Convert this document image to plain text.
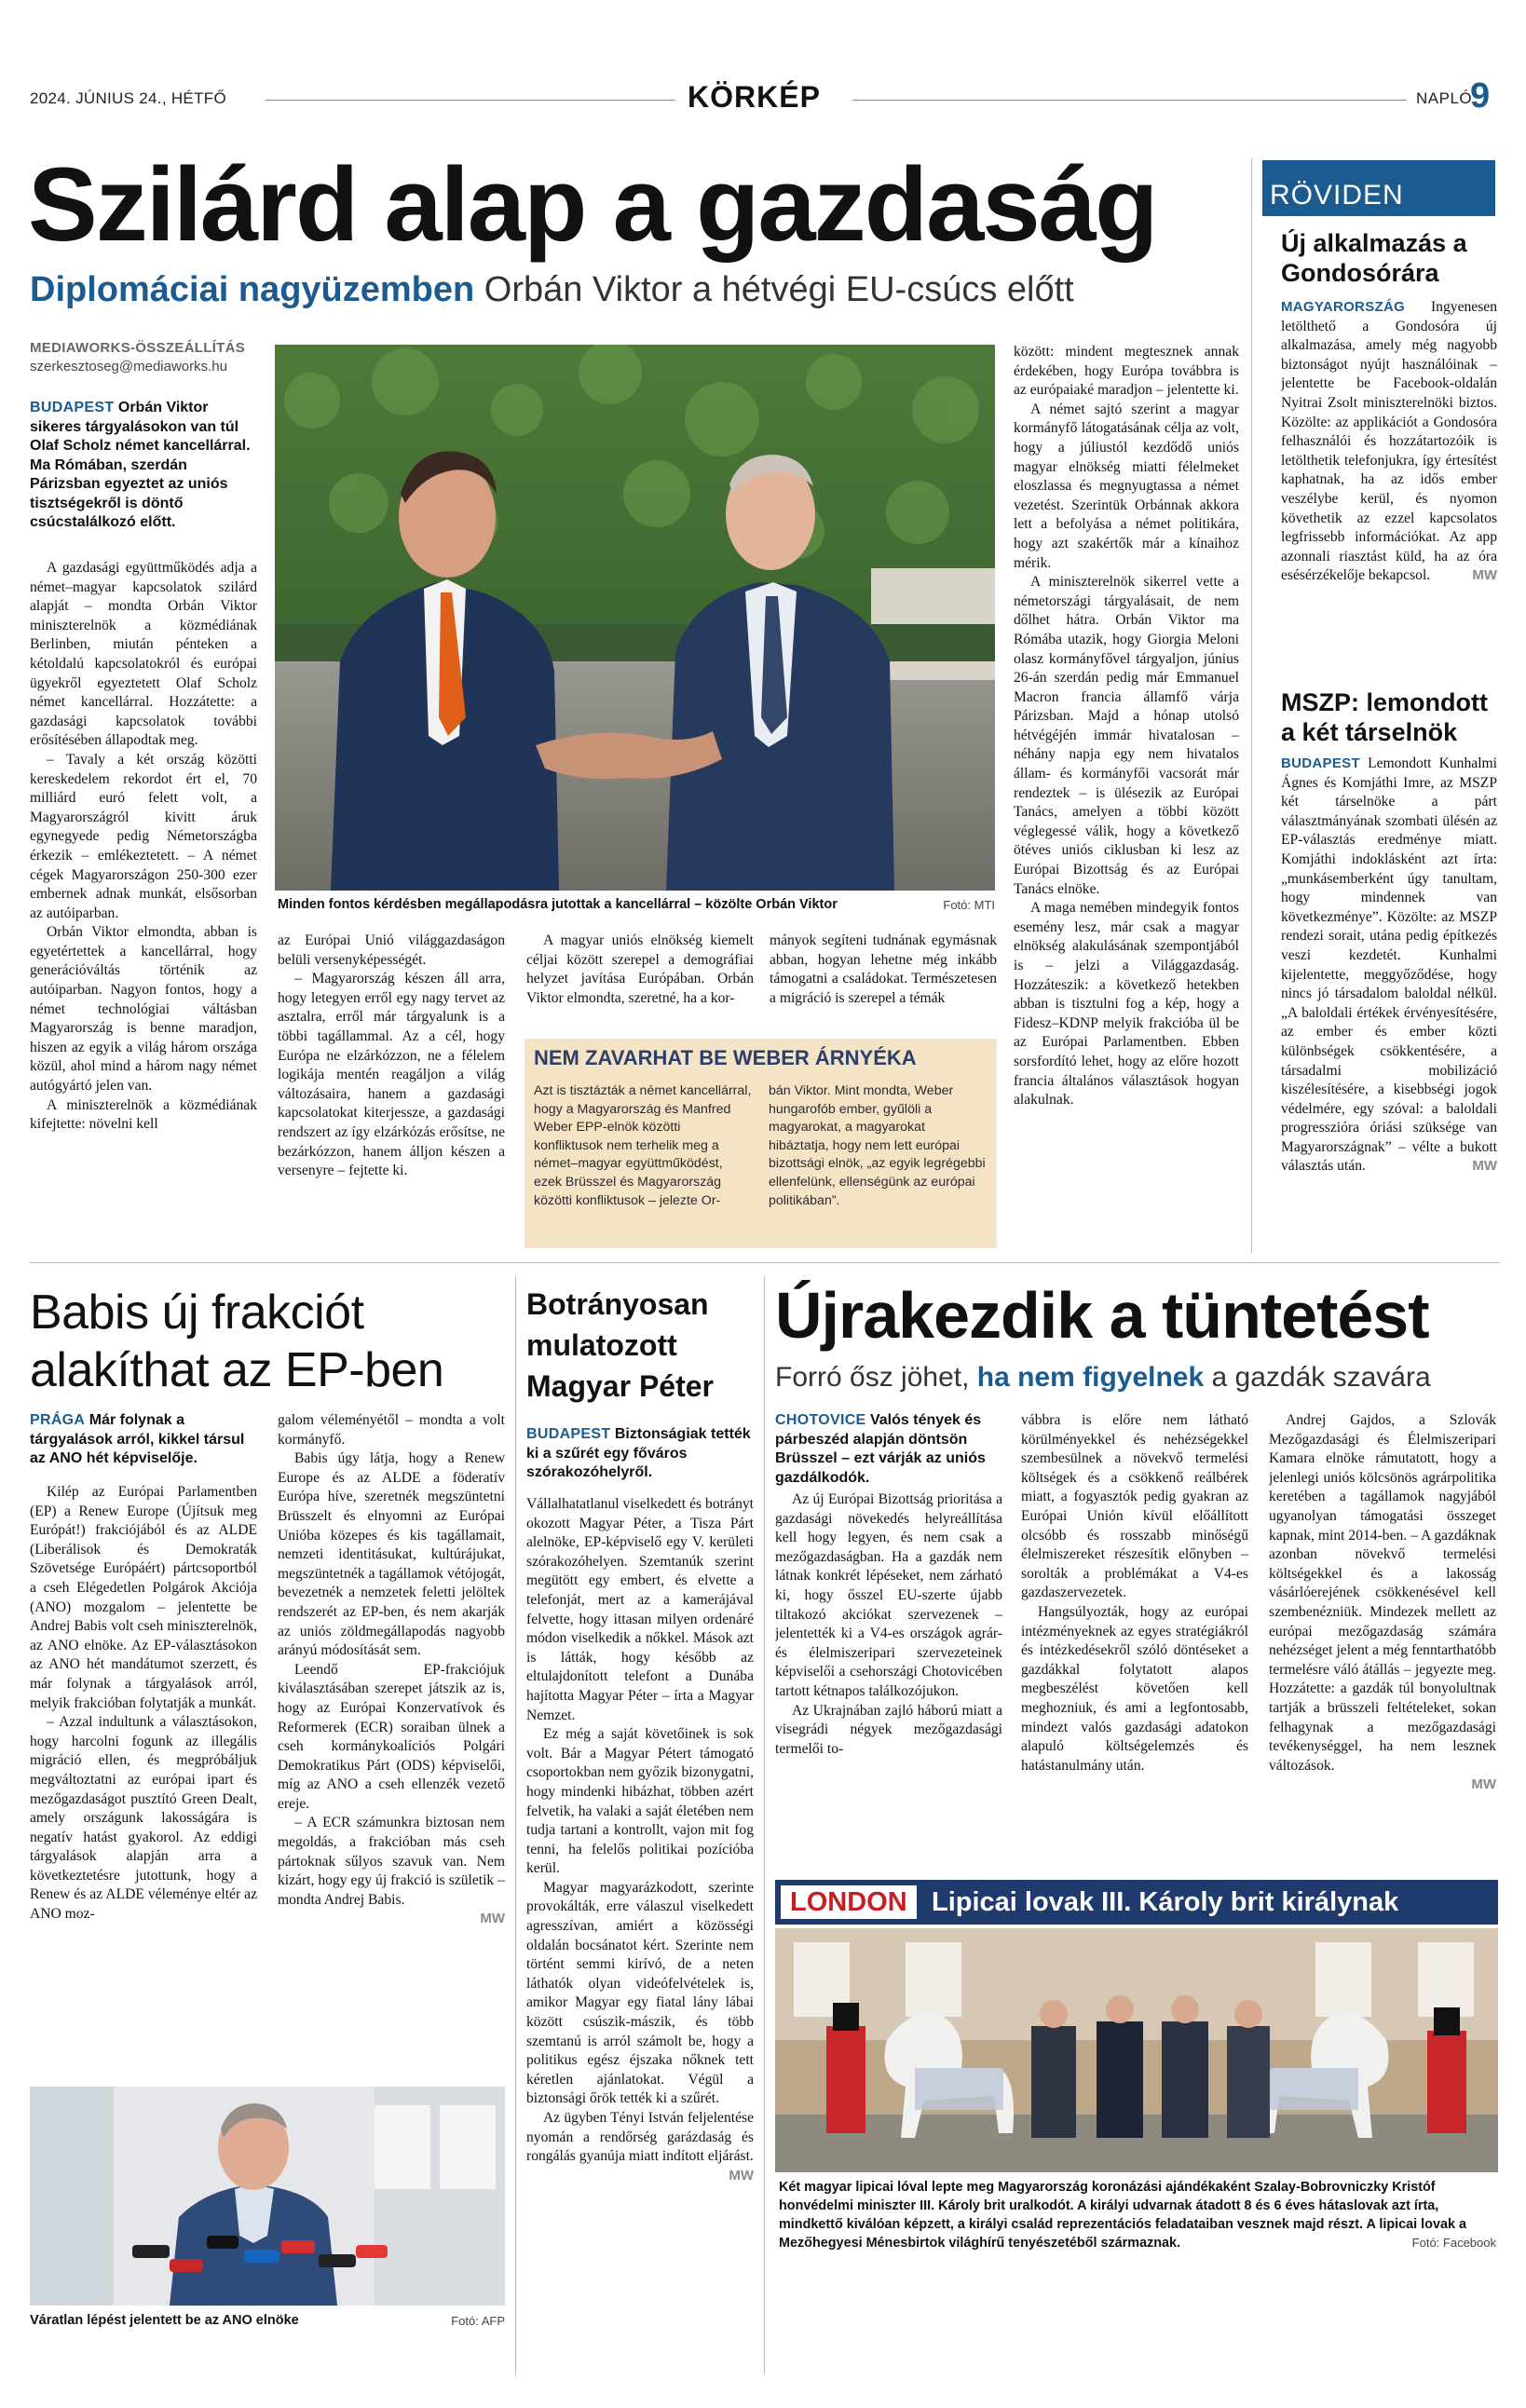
2024. JÚNIUS 24., HÉTFŐ	KÖRKÉP	NAPLÓ
9
Szilárd alap a gazdaság
Diplomáciai nagyüzemben Orbán Viktor a hétvégi EU-csúcs előtt
MEDIAWORKS-ÖSSZEÁLLÍTÁS
szerkesztoseg@mediaworks.hu
BUDAPEST Orbán Viktor sikeres tárgyalásokon van túl Olaf Scholz német kancellárral. Ma Rómában, szerdán Párizsban egyeztet az uniós tisztségekről is döntő csúcstalálkozó előtt.

A gazdasági együttműködés adja a német–magyar kapcsolatok szilárd alapját – mondta Orbán Viktor miniszterelnök a közmédiának Berlinben, miután pénteken a kétoldalú kapcsolatokról és európai ügyekről egyeztetett Olaf Scholz német kancellárral. Hozzátette: a gazdasági kapcsolatok további erősítésében állapodtak meg.

– Tavaly a két ország közötti kereskedelem rekordot ért el, 70 milliárd euró felett volt, a Magyarországról kivitt áruk egynegyede pedig Németországba érkezik – emlékeztetett. – A német cégek Magyarországon 250-300 ezer embernek adnak munkát, elsősorban az autóiparban.

Orbán Viktor elmondta, abban is egyetértettek a kancellárral, hogy generációváltás történik az autóiparban. Nagyon fontos, hogy a német technológiai váltásban Magyarország is benne maradjon, hiszen az egyik a világ három országa közül, ahol mind a három nagy német autógyártó jelen van.

A miniszterelnök a közmédiának kifejtette: növelni kell

Minden fontos kérdésben megállapodásra jutottak a kancellárral – közölte Orbán Viktor	Fotó: MTI

az Európai Unió világgazdaságon belüli versenyképességét.

– Magyarország készen áll arra, hogy letegyen erről egy nagy tervet az asztalra, erről már tárgyalunk is a többi tagállammal. Az a cél, hogy Európa ne elzárkózzon, ne a félelem logikája mentén reagáljon a világ változásaira, hanem a gazdasági kapcsolatokat kiterjessze, a gazdasági rendszert az így elzárkózás erősítse, ne bezárkózzon, hanem álljon készen a versenyre – fejtette ki.

A magyar uniós elnökség kiemelt céljai között szerepel a demográfiai helyzet javítása Európában. Orbán Viktor elmondta, szeretné, ha a kor-

mányok segíteni tudnának egymásnak abban, hogyan lehetne még inkább támogatni a családokat. Természetesen a migráció is szerepel a témák

NEM ZAVARHAT BE WEBER ÁRNYÉKA
Azt is tisztázták a német kancellárral, hogy a Magyarország és Manfred Weber EPP-elnök közötti konfliktusok nem terhelik meg a német–magyar együttműködést, ezek Brüsszel és Magyarország közötti konfliktusok – jelezte Or-
bán Viktor. Mint mondta, Weber hungarofób ember, gyűlöli a magyarokat, a magyarokat hibáztatja, hogy nem lett európai bizottsági elnök, „az egyik legrégebbi ellenfelünk, ellenségünk az európai politikában”.

között: mindent megtesznek annak érdekében, hogy Európa továbbra is az európaiaké maradjon – jelentette ki.

A német sajtó szerint a magyar kormányfő látogatásának célja az volt, hogy a júliustól kezdődő uniós magyar elnökség miatti félelmeket eloszlassa és megnyugtassa a német vezetést. Szerintük Orbánnak akkora lett a befolyása a német politikára, hogy azt szakértők már a kínaihoz mérik.

A miniszterelnök sikerrel vette a németországi tárgyalásait, de nem dőlhet hátra. Orbán Viktor ma Rómába utazik, hogy Giorgia Meloni olasz kormányfővel tárgyaljon, június 26-án szerdán pedig már Emmanuel Macron francia államfő várja Párizsban. Majd a hónap utolsó hétvégéjén immár hivatalosan – néhány napja egy nem hivatalos állam- és kormányfői vacsorát már rendeztek – is ülésezik az Európai Tanács, amelyen a többi között véglegessé válik, hogy a következő ötéves uniós ciklusban ki lesz az Európai Bizottság és az Európai Tanács elnöke.

A maga nemében mindegyik fontos esemény lesz, már csak a magyar elnökség alakulásának szempontjából is – jelzi a Világgazdaság. Hozzáteszik: a következő hetekben abban is tisztulni fog a kép, hogy a Fidesz–KDNP melyik frakcióba ül be az Európai Parlamentben. Ebben sorsfordító lehet, hogy az előre hozott francia általános választások hogyan alakulnak.

RÖVIDEN
Új alkalmazás a Gondosórára

MAGYARORSZÁG Ingyenesen letölthető a Gondosóra új alkalmazása, amely még nagyobb biztonságot nyújt használóinak – jelentette be Facebook-oldalán Nyitrai Zsolt miniszterelnöki biztos. Közölte: az applikációt a Gondosóra felhasználói és hozzátartozóik is letölthetik telefonjukra, így értesítést kaphatnak, ha az idős ember veszélybe kerül, és nyomon követhetik az ezzel kapcsolatos legfrissebb információkat. Az app azonnali riasztást küld, ha az óra esésérzékelője bekapcsol.	MW

MSZP: lemondott a két társelnök

BUDAPEST Lemondott Kunhalmi Ágnes és Komjáthi Imre, az MSZP két társelnöke a párt választmányának szombati ülésén az EP-választás eredménye miatt. Komjáthi indoklásként azt írta: „munkásemberként úgy tanultam, hogy mindennek van következménye”. Közölte: az MSZP rendezi sorait, utána pedig építkezés veszi kezdetét. Kunhalmi kijelentette, meggyőződése, hogy nincs jó társadalom baloldal nélkül. „A baloldali értékek érvényesítésére, az ember és ember közti különbségek csökkentésére, a társadalmi mobilizáció kiszélesítésére, a kisebbségi jogok védelmére, egy szóval: a baloldali progresszióra óriási szüksége van Magyarországnak” – vélte a bukott választás után.	MW

Babis új frakciót alakíthat az EP-ben
PRÁGA Már folynak a tárgyalások arról, kikkel társul az ANO hét képviselője.

Kilép az Európai Parlamentben (EP) a Renew Europe (Újítsuk meg Európát!) frakciójából és az ALDE (Liberálisok és Demokraták Szövetsége Európáért) pártcsoportból a cseh Elégedetlen Polgárok Akciója (ANO) mozgalom – jelentette be Andrej Babis volt cseh miniszterelnök, az ANO elnöke. Az EP-választásokon az ANO hét mandátumot szerzett, és már folynak a tárgyalások arról, melyik frakcióban folytatják a munkát.

– Azzal indultunk a választásokon, hogy harcolni fogunk az illegális migráció ellen, és megpróbáljuk megváltoztatni az európai ipart és mezőgazdaságot pusztító Green Dealt, amely országunk lakosságára is negatív hatást gyakorol. Az eddigi tárgyalások alapján arra a következtetésre jutottunk, hogy a Renew és az ALDE véleménye eltér az ANO moz-

galom véleményétől – mondta a volt kormányfő.

Babis úgy látja, hogy a Renew Europe és az ALDE a föderatív Európa híve, szeretnék megszüntetni Brüsszelt és elnyomni az Európai Unióba közepes és kis tagállamait, nemzeti identitásukat, kultúrájukat, megszüntetnék a tagállamok vétójogát, bevezetnék a nemzetek feletti jelöltek rendszerét az EP-ben, és nem akarják az uniós zöldmegállapodás nagyobb arányú módosítását sem.

Leendő EP-frakciójuk kiválasztásában szerepet játszik az is, hogy az Európai Konzervatívok és Reformerek (ECR) soraiban ülnek a cseh kormánykoalíciós Polgári Demokratikus Párt (ODS) képviselői, míg az ANO a cseh ellenzék vezető ereje.

– A ECR számunkra biztosan nem megoldás, a frakcióban más cseh pártoknak sűlyos szavuk van. Nem kizárt, hogy egy új frakció is születik – mondta Andrej Babis.

MW
Váratlan lépést jelentett be az ANO elnöke	Fotó: AFP
Botrányosan mulatozott Magyar Péter
BUDAPEST Biztonságiak tették ki a szűrét egy főváros szórakozóhelyről.

Vállalhatatlanul viselkedett és botrányt okozott Magyar Péter, a Tisza Párt alelnöke, EP-képviselő egy V. kerületi szórakozóhelyen. Szemtanúk szerint megütött egy embert, és elvette a telefonját, mert az a kamerájával felvette, hogy ittasan milyen ordenáré módon viselkedik a nőkkel. Mások azt is látták, hogy később az eltulajdonított telefont a Dunába hajította Magyar Péter – írta a Magyar Nemzet.

Ez még a saját követőinek is sok volt. Bár a Magyar Pétert támogató csoportokban nem győzik bizonygatni, hogy mindenki hibázhat, többen azért felvetik, ha valaki a saját életében nem tudja tartani a kontrollt, vajon mit fog tenni, ha felelős politikai pozícióba kerül.

Magyar magyarázkodott, szerinte provokálták, erre válaszul viselkedett agresszívan, amiért a közösségi oldalán bocsánatot kért. Szerinte nem történt semmi kirívó, de a neten láthatók olyan videófelvételek is, amikor Magyar egy fiatal lány lábai között csúszik-mászik, és több szemtanú is arról számolt be, hogy a politikus egész éjszaka nőknek tett kéretlen ajánlatokat. Végül a biztonsági őrök tették ki a szűrét.

Az ügyben Tényi István feljelentése nyomán a rendőrség garázdaság és rongálás gyanúja miatt indított eljárást.

MW
Újrakezdik a tüntetést
Forró ősz jöhet, ha nem figyelnek a gazdák szavára
CHOTOVICE Valós tények és párbeszéd alapján döntsön Brüsszel – ezt várják az uniós gazdálkodók.

Az új Európai Bizottság prioritása a gazdasági növekedés helyreállítása kell hogy legyen, és nem csak a mezőgazdaságban. Ha a gazdák nem látnak konkrét lépéseket, nem zárható ki, hogy ősszel EU-szerte újabb tiltakozó akciókat szervezenek – jelentették ki a V4-es országok agrár- és élelmiszeripari szervezeteinek képviselői a csehországi Chotovicében tartott kétnapos találkozójukon.

Az Ukrajnában zajló háború miatt a visegrádi négyek mezőgazdasági termelői to-

vábbra is előre nem látható körülményekkel és nehézségekkel szembesülnek a növekvő termelési költségek és a csökkenő reálbérek miatt, a fogyasztók pedig gyakran az Európai Unión kívül előállított olcsóbb és rosszabb minőségű élelmiszereket részesítik előnyben – sorolták a problémákat a V4-es gazdaszervezetek.

Hangsúlyozták, hogy az európai intézményeknek az egyes stratégiákról és intézkedésekről szóló döntéseket a gazdákkal folytatott alapos megbeszélést követően kell meghozniuk, és ami a legfontosabb, mindezt valós gazdasági adatokon alapuló költségelemzés és hatástanulmány után.

Andrej Gajdos, a Szlovák Mezőgazdasági és Élelmiszeripari Kamara elnöke rámutatott, hogy a jelenlegi uniós kölcsönös agrárpolitika keretében a tagállamok nagyjából ugyanolyan támogatási összeget kapnak, mint 2014-ben. – A gazdáknak azonban növekvő termelési költségekkel és a lakosság vásárlóerejének csökkenésével kell szembenézniük. Mindezek mellett az európai mezőgazdaság számára nehézséget jelent a még fenntarthatóbb termelésre váló átállás – jegyezte meg. Hozzátette: a gazdák túl bonyolultnak tartják a brüsszeli feltételeket, sokan felhagynak a mezőgazdasági tevékenységgel, ha nem lesznek változások.

MW
LONDON Lipicai lovak III. Károly brit királynak
Két magyar lipicai lóval lepte meg Magyarország koronázási ajándékaként Szalay-Bobrovniczky Kristóf honvédelmi miniszter III. Károly brit uralkodót. A királyi udvarnak átadott 8 és 6 éves hátaslovak azt írta, mindkettő kiválóan képzett, a királyi család reprezentációs feladataiban vesznek majd részt. A lipicai lovak a Mezőhegyesi Ménesbirtok világhírű tenyészetéből származnak.	Fotó: Facebook
